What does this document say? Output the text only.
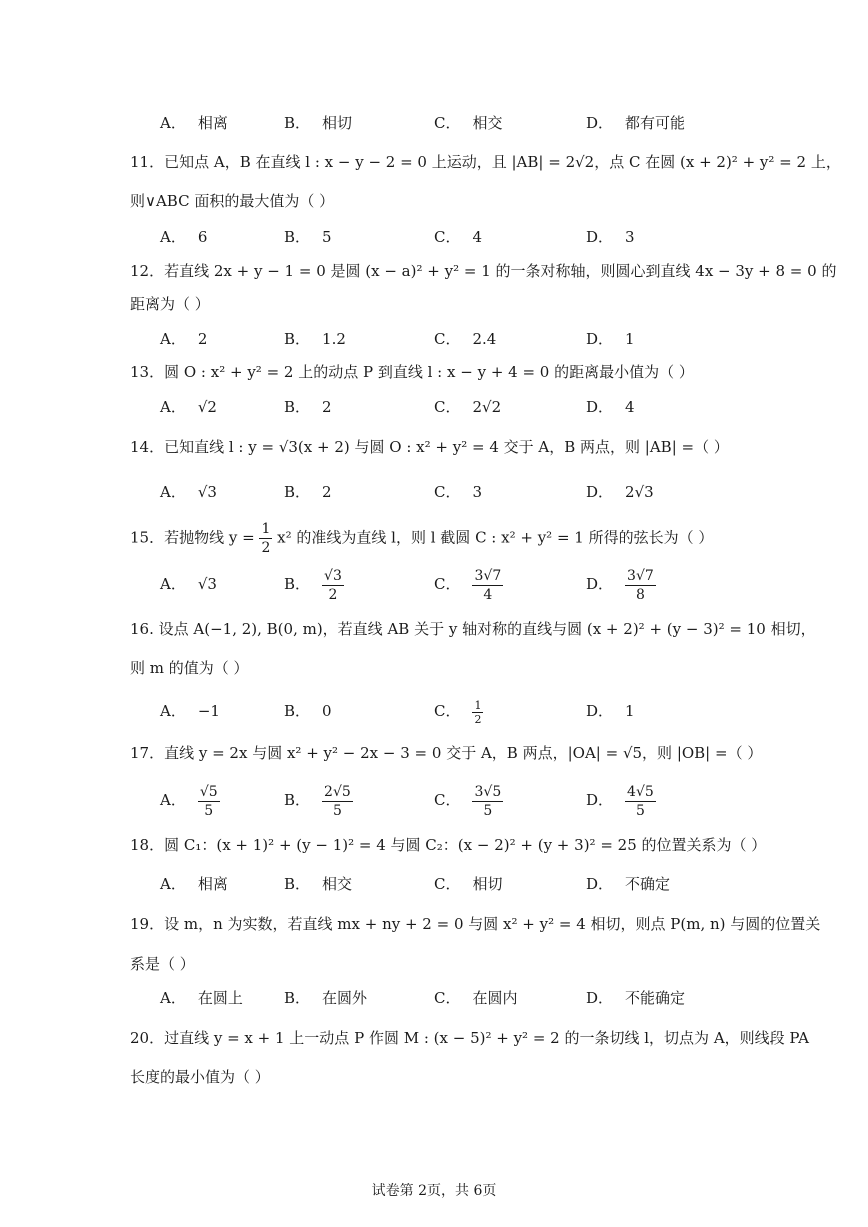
A． 相离	B． 相切	C． 相交	D． 都有可能
11．已知点 A，B 在直线 l : x − y − 2 = 0 上运动，且 |AB| = 2√2，点 C 在圆 (x + 2)² + y² = 2 上，
则∨ABC 面积的最大值为（ ）
A． 6	B． 5	C． 4	D． 3
12．若直线 2x + y − 1 = 0 是圆 (x − a)² + y² = 1 的一条对称轴，则圆心到直线 4x − 3y + 8 = 0 的
距离为（ ）
A． 2	B． 1.2	C． 2.4	D． 1
13．圆 O : x² + y² = 2 上的动点 P 到直线 l : x − y + 4 = 0 的距离最小值为（ ）
A． √2	B． 2	C． 2√2	D． 4
14．已知直线 l : y = √3(x + 2) 与圆 O : x² + y² = 4 交于 A，B 两点，则 |AB| =（ ）
A． √3	B． 2	C． 3	D． 2√3
15．若抛物线 $y = \frac{1}{2} x^2$ 的准线为直线 l，则 l 截圆 C : x² + y² = 1 所得的弦长为（ ）
A． √3	B． $\frac{√3}{2}$	C． $\frac{3√7}{4}$	D． $\frac{3√7}{8}$
16. 设点 A(−1, 2), B(0, m)，若直线 AB 关于 y 轴对称的直线与圆 (x + 2)² + (y − 3)² = 10 相切，
则 m 的值为（ ）
A． −1	B． 0	C． $\frac{1}{2}$	D． 1
17．直线 y = 2x 与圆 x² + y² − 2x − 3 = 0 交于 A，B 两点，|OA| = √5，则 |OB| =（ ）
A． $\frac{√5}{5}$	B． $\frac{2√5}{5}$	C． $\frac{3√5}{5}$	D． $\frac{4√5}{5}$
18．圆 C₁：(x + 1)² + (y − 1)² = 4 与圆 C₂：(x − 2)² + (y + 3)² = 25 的位置关系为（ ）
A． 相离	B． 相交	C． 相切	D． 不确定
19．设 m，n 为实数，若直线 mx + ny + 2 = 0 与圆 x² + y² = 4 相切，则点 P(m, n) 与圆的位置关
系是（ ）
A． 在圆上	B． 在圆外	C． 在圆内	D． 不能确定
20．过直线 y = x + 1 上一动点 P 作圆 M : (x − 5)² + y² = 2 的一条切线 l，切点为 A，则线段 PA
长度的最小值为（ ）
试卷第 2页，共 6页
